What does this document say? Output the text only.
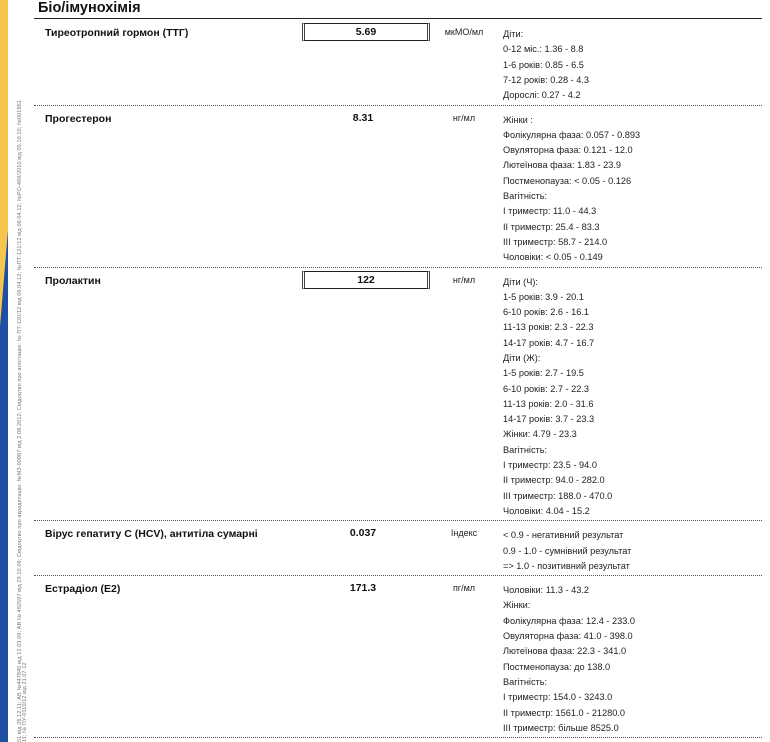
51 від 26.12.11; АВ №447845 від 12.03.09; АВ № 492597 від 29.10.09; Свідоцтво про акредитацію: №МЗ-00987 від 2.08.2012; Свідоцтво про атестацію: № ПТ-120/12 від 06.04.12; №ПТ-121/12 від 06.04.12; №РО-469/2010 від 05.10.10; №001861 11; № ПУ-0110/12 від 21.07.12
Біо/імунохімія
Тиреотропний гормон (ТТГ)	5.69	мкМО/мл	Діти:
0-12 міс.: 1.36 - 8.8
1-6 років: 0.85 - 6.5
7-12 років: 0.28 - 4.3
Дорослі: 0.27 - 4.2
Прогестерон	8.31	нг/мл	Жінки :
Фолікулярна фаза: 0.057 - 0.893
Овуляторна фаза: 0.121 - 12.0
Лютеїнова фаза: 1.83 - 23.9
Постменопауза: < 0.05 - 0.126
Вагітність:
І триместр: 11.0 - 44.3
ІІ триместр: 25.4 - 83.3
ІІІ триместр: 58.7 - 214.0
Чоловіки: < 0.05 - 0.149
Пролактин	122	нг/мл	Діти (Ч):
1-5 років: 3.9 - 20.1
6-10 років: 2.6 - 16.1
11-13 років: 2.3 - 22.3
14-17 років: 4.7 - 16.7
Діти (Ж):
1-5 років: 2.7 - 19.5
6-10 років: 2.7 - 22.3
11-13 років: 2.0 - 31.6
14-17 років: 3.7 - 23.3
Жінки: 4.79 - 23.3
Вагітність:
І триместр: 23.5 - 94.0
ІІ триместр: 94.0 - 282.0
ІІІ триместр: 188.0 - 470.0
Чоловіки: 4.04 - 15.2
Вірус гепатиту С (HCV), антитіла сумарні	0.037	Індекс	< 0.9 - негативний результат
0.9 - 1.0 - сумнівний результат
=> 1.0 - позитивний результат
Естрадіол (Е2)	171.3	пг/мл	Чоловіки: 11.3 - 43.2
Жінки:
Фолікулярна фаза: 12.4 - 233.0
Овуляторна фаза: 41.0 - 398.0
Лютеїнова фаза: 22.3 - 341.0
Постменопауза: до 138.0
Вагітність:
І триместр: 154.0 - 3243.0
ІІ триместр: 1561.0 - 21280.0
ІІІ триместр: більше 8525.0
